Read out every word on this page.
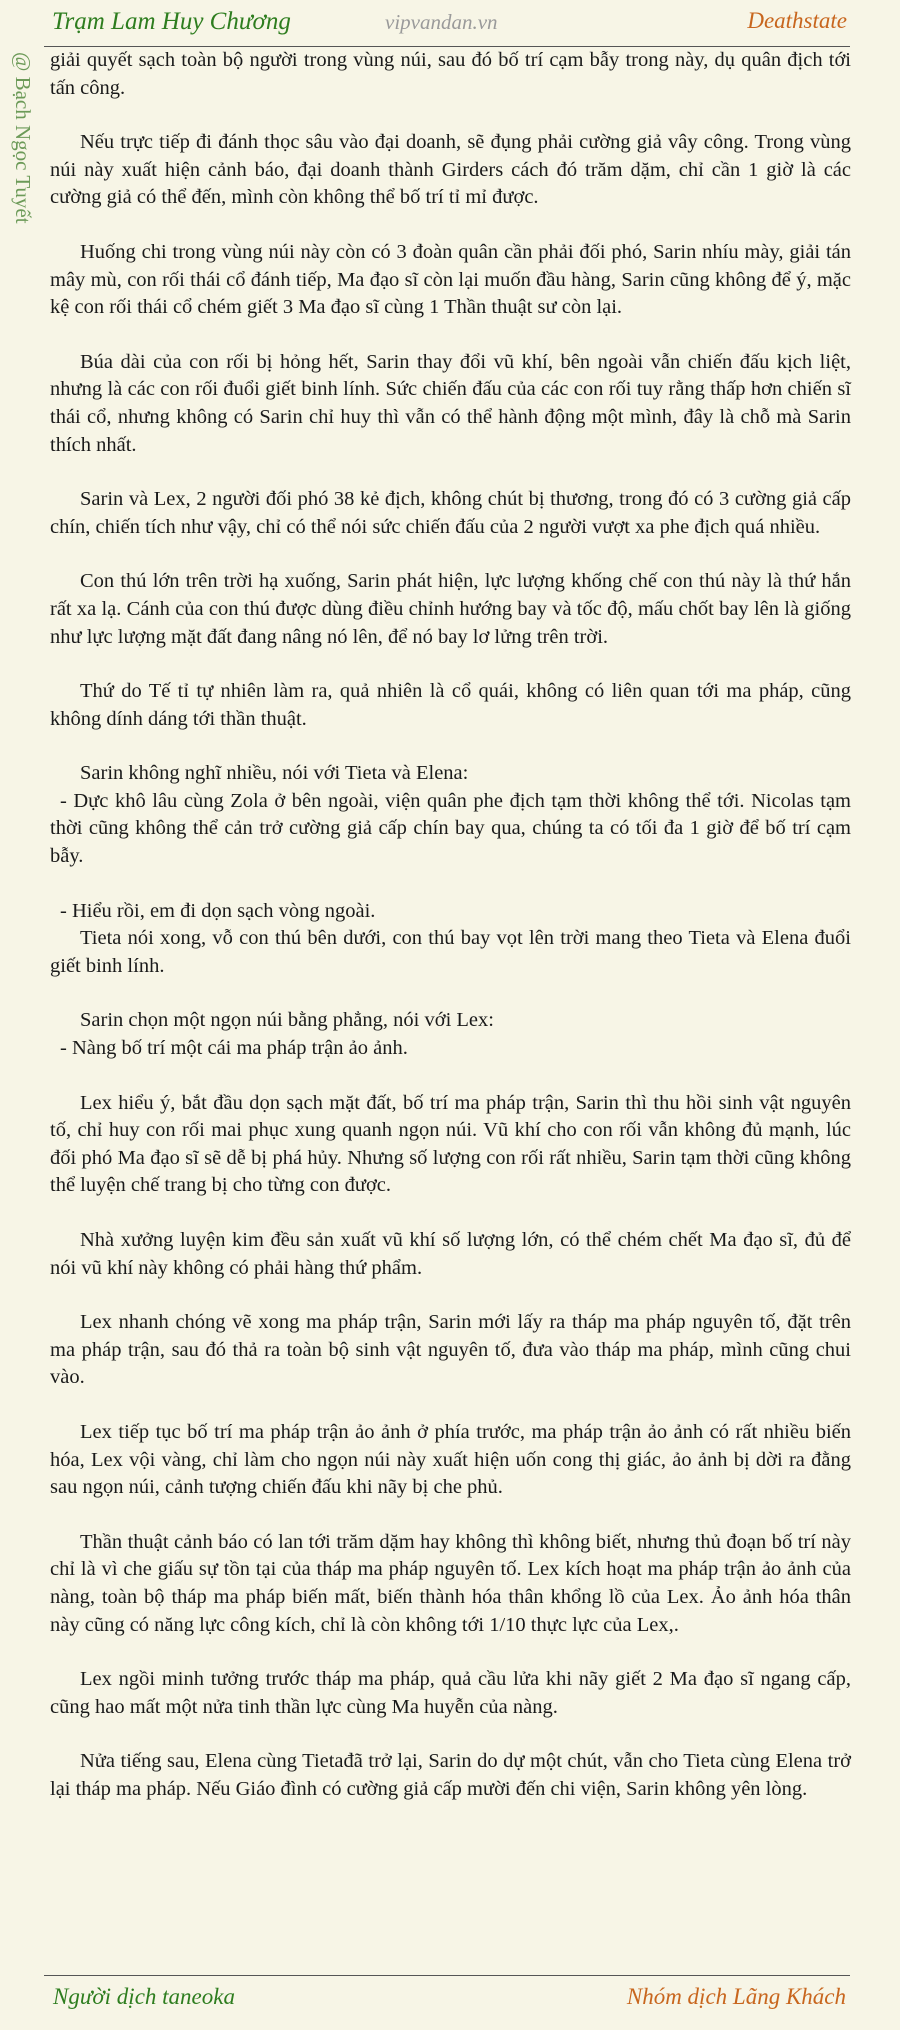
Trạm Lam Huy Chương	vipvandan.vn	Deathstate
@ Bạch Ngọc Tuyết giải quyết sạch toàn bộ người trong vùng núi, sau đó bố trí cạm bẫy trong này, dụ quân địch tới tấn công.

Nếu trực tiếp đi đánh thọc sâu vào đại doanh, sẽ đụng phải cường giả vây công. Trong vùng núi này xuất hiện cảnh báo, đại doanh thành Girders cách đó trăm dặm, chỉ cần 1 giờ là các cường giả có thể đến, mình còn không thể bố trí tỉ mỉ được.

Huống chi trong vùng núi này còn có 3 đoàn quân cần phải đối phó, Sarin nhíu mày, giải tán mây mù, con rối thái cổ đánh tiếp, Ma đạo sĩ còn lại muốn đầu hàng, Sarin cũng không để ý, mặc kệ con rối thái cổ chém giết 3 Ma đạo sĩ cùng 1 Thần thuật sư còn lại.

Búa dài của con rối bị hỏng hết, Sarin thay đổi vũ khí, bên ngoài vẫn chiến đấu kịch liệt, nhưng là các con rối đuổi giết binh lính. Sức chiến đấu của các con rối tuy rằng thấp hơn chiến sĩ thái cổ, nhưng không có Sarin chỉ huy thì vẫn có thể hành động một mình, đây là chỗ mà Sarin thích nhất.

Sarin và Lex, 2 người đối phó 38 kẻ địch, không chút bị thương, trong đó có 3 cường giả cấp chín, chiến tích như vậy, chỉ có thể nói sức chiến đấu của 2 người vượt xa phe địch quá nhiều.

Con thú lớn trên trời hạ xuống, Sarin phát hiện, lực lượng khống chế con thú này là thứ hắn rất xa lạ. Cánh của con thú được dùng điều chỉnh hướng bay và tốc độ, mấu chốt bay lên là giống như lực lượng mặt đất đang nâng nó lên, để nó bay lơ lửng trên trời.

Thứ do Tế tỉ tự nhiên làm ra, quả nhiên là cổ quái, không có liên quan tới ma pháp, cũng không dính dáng tới thần thuật.

Sarin không nghĩ nhiều, nói với Tieta và Elena:

- Dực khô lâu cùng Zola ở bên ngoài, viện quân phe địch tạm thời không thể tới. Nicolas tạm thời cũng không thể cản trở cường giả cấp chín bay qua, chúng ta có tối đa 1 giờ để bố trí cạm bẫy.

- Hiểu rồi, em đi dọn sạch vòng ngoài.

Tieta nói xong, vỗ con thú bên dưới, con thú bay vọt lên trời mang theo Tieta và Elena đuổi giết binh lính.

Sarin chọn một ngọn núi bằng phẳng, nói với Lex:

- Nàng bố trí một cái ma pháp trận ảo ảnh.

Lex hiểu ý, bắt đầu dọn sạch mặt đất, bố trí ma pháp trận, Sarin thì thu hồi sinh vật nguyên tố, chỉ huy con rối mai phục xung quanh ngọn núi. Vũ khí cho con rối vẫn không đủ mạnh, lúc đối phó Ma đạo sĩ sẽ dễ bị phá hủy. Nhưng số lượng con rối rất nhiều, Sarin tạm thời cũng không thể luyện chế trang bị cho từng con được.

Nhà xưởng luyện kim đều sản xuất vũ khí số lượng lớn, có thể chém chết Ma đạo sĩ, đủ để nói vũ khí này không có phải hàng thứ phẩm.

Lex nhanh chóng vẽ xong ma pháp trận, Sarin mới lấy ra tháp ma pháp nguyên tố, đặt trên ma pháp trận, sau đó thả ra toàn bộ sinh vật nguyên tố, đưa vào tháp ma pháp, mình cũng chui vào.

Lex tiếp tục bố trí ma pháp trận ảo ảnh ở phía trước, ma pháp trận ảo ảnh có rất nhiều biến hóa, Lex vội vàng, chỉ làm cho ngọn núi này xuất hiện uốn cong thị giác, ảo ảnh bị dời ra đằng sau ngọn núi, cảnh tượng chiến đấu khi nãy bị che phủ.

Thần thuật cảnh báo có lan tới trăm dặm hay không thì không biết, nhưng thủ đoạn bố trí này chỉ là vì che giấu sự tồn tại của tháp ma pháp nguyên tố. Lex kích hoạt ma pháp trận ảo ảnh của nàng, toàn bộ tháp ma pháp biến mất, biến thành hóa thân khổng lồ của Lex. Ảo ảnh hóa thân này cũng có năng lực công kích, chỉ là còn không tới 1/10 thực lực của Lex,.

Lex ngồi minh tưởng trước tháp ma pháp, quả cầu lửa khi nãy giết 2 Ma đạo sĩ ngang cấp, cũng hao mất một nửa tinh thần lực cùng Ma huyễn của nàng.

Nửa tiếng sau, Elena cùng Tietađã trở lại, Sarin do dự một chút, vẫn cho Tieta cùng Elena trở lại tháp ma pháp. Nếu Giáo đình có cường giả cấp mười đến chi viện, Sarin không yên lòng.

Người dịch taneoka	Nhóm dịch Lãng Khách
